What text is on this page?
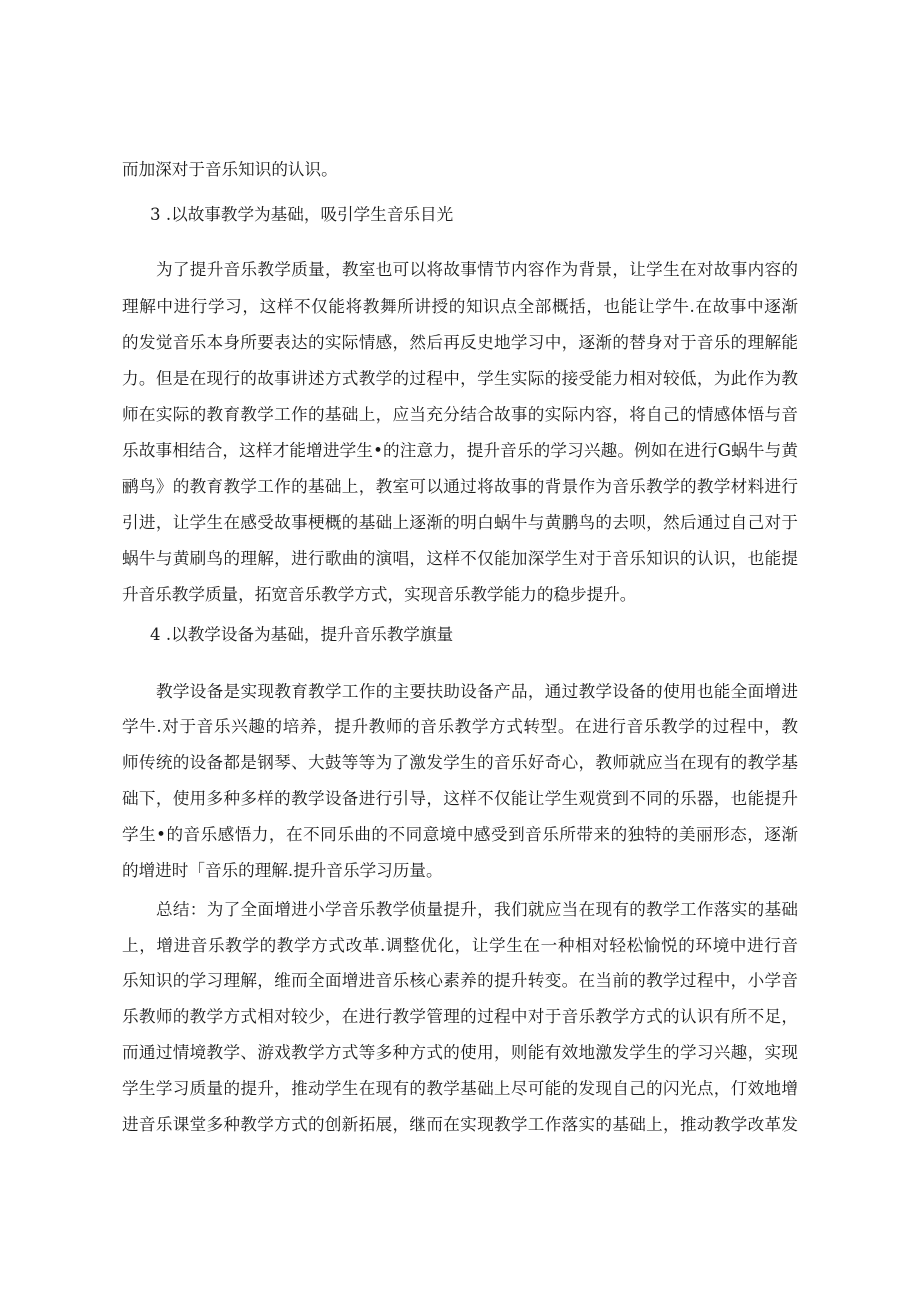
而加深对于音乐知识的认识。

3 .以故事教学为基础，吸引学生音乐目光

为了提升音乐教学质量，教室也可以将故事情节内容作为背景，让学生在对故事内容的

理解中进行学习，这样不仅能将教舞所讲授的知识点全部概括，也能让学牛.在故事中逐渐

的发觉音乐本身所要表达的实际情感，然后再反史地学习中，逐渐的替身对于音乐的理解能

力。但是在现行的故事讲述方式教学的过程中，学生实际的接受能力相对较低，为此作为教

师在实际的教育教学工作的基础上，应当充分结合故事的实际内容，将自己的情感体悟与音

乐故事相结合，这样才能增进学生•的注意力，提升音乐的学习兴趣。例如在进行G蜗牛与黄

鹂鸟》的教育教学工作的基础上，教室可以通过将故事的背景作为音乐教学的教学材料进行

引进，让学生在感受故事梗概的基础上逐渐的明白蜗牛与黄鹏鸟的去呗，然后通过自己对于

蜗牛与黄刷鸟的理解，进行歌曲的演唱，这样不仅能加深学生对于音乐知识的认识，也能提

升音乐教学质量，拓宽音乐教学方式，实现音乐教学能力的稳步提升。

4 .以教学设备为基础，提升音乐教学旗量

教学设备是实现教育教学工作的主要扶助设备产品，通过教学设备的使用也能全面增进

学牛.对于音乐兴趣的培养，提升教师的音乐教学方式转型。在进行音乐教学的过程中，教

师传统的设备都是钢琴、大鼓等等为了激发学生的音乐好奇心，教师就应当在现有的教学基

础下，使用多种多样的教学设备进行引导，这样不仅能让学生观赏到不同的乐器，也能提升

学生•的音乐感悟力，在不同乐曲的不同意境中感受到音乐所带来的独特的美丽形态，逐渐

的增进时「音乐的理解.提升音乐学习历量。

总结：为了全面增进小学音乐教学侦量提升，我们就应当在现有的教学工作落实的基础

上，增进音乐教学的教学方式改革.调整优化，让学生在一种相对轻松愉悦的环境中进行音

乐知识的学习理解，维而全面增进音乐核心素养的提升转变。在当前的教学过程中，小学音

乐教师的教学方式相对较少，在进行教学管理的过程中对于音乐教学方式的认识有所不足，

而通过情境教学、游戏教学方式等多种方式的使用，则能有效地激发学生的学习兴趣，实现

学生学习质量的提升，推动学生在现有的教学基础上尽可能的发现自己的闪光点，仃效地增

进音乐课堂多种教学方式的创新拓展，继而在实现教学工作落实的基础上，推动教学改革发
